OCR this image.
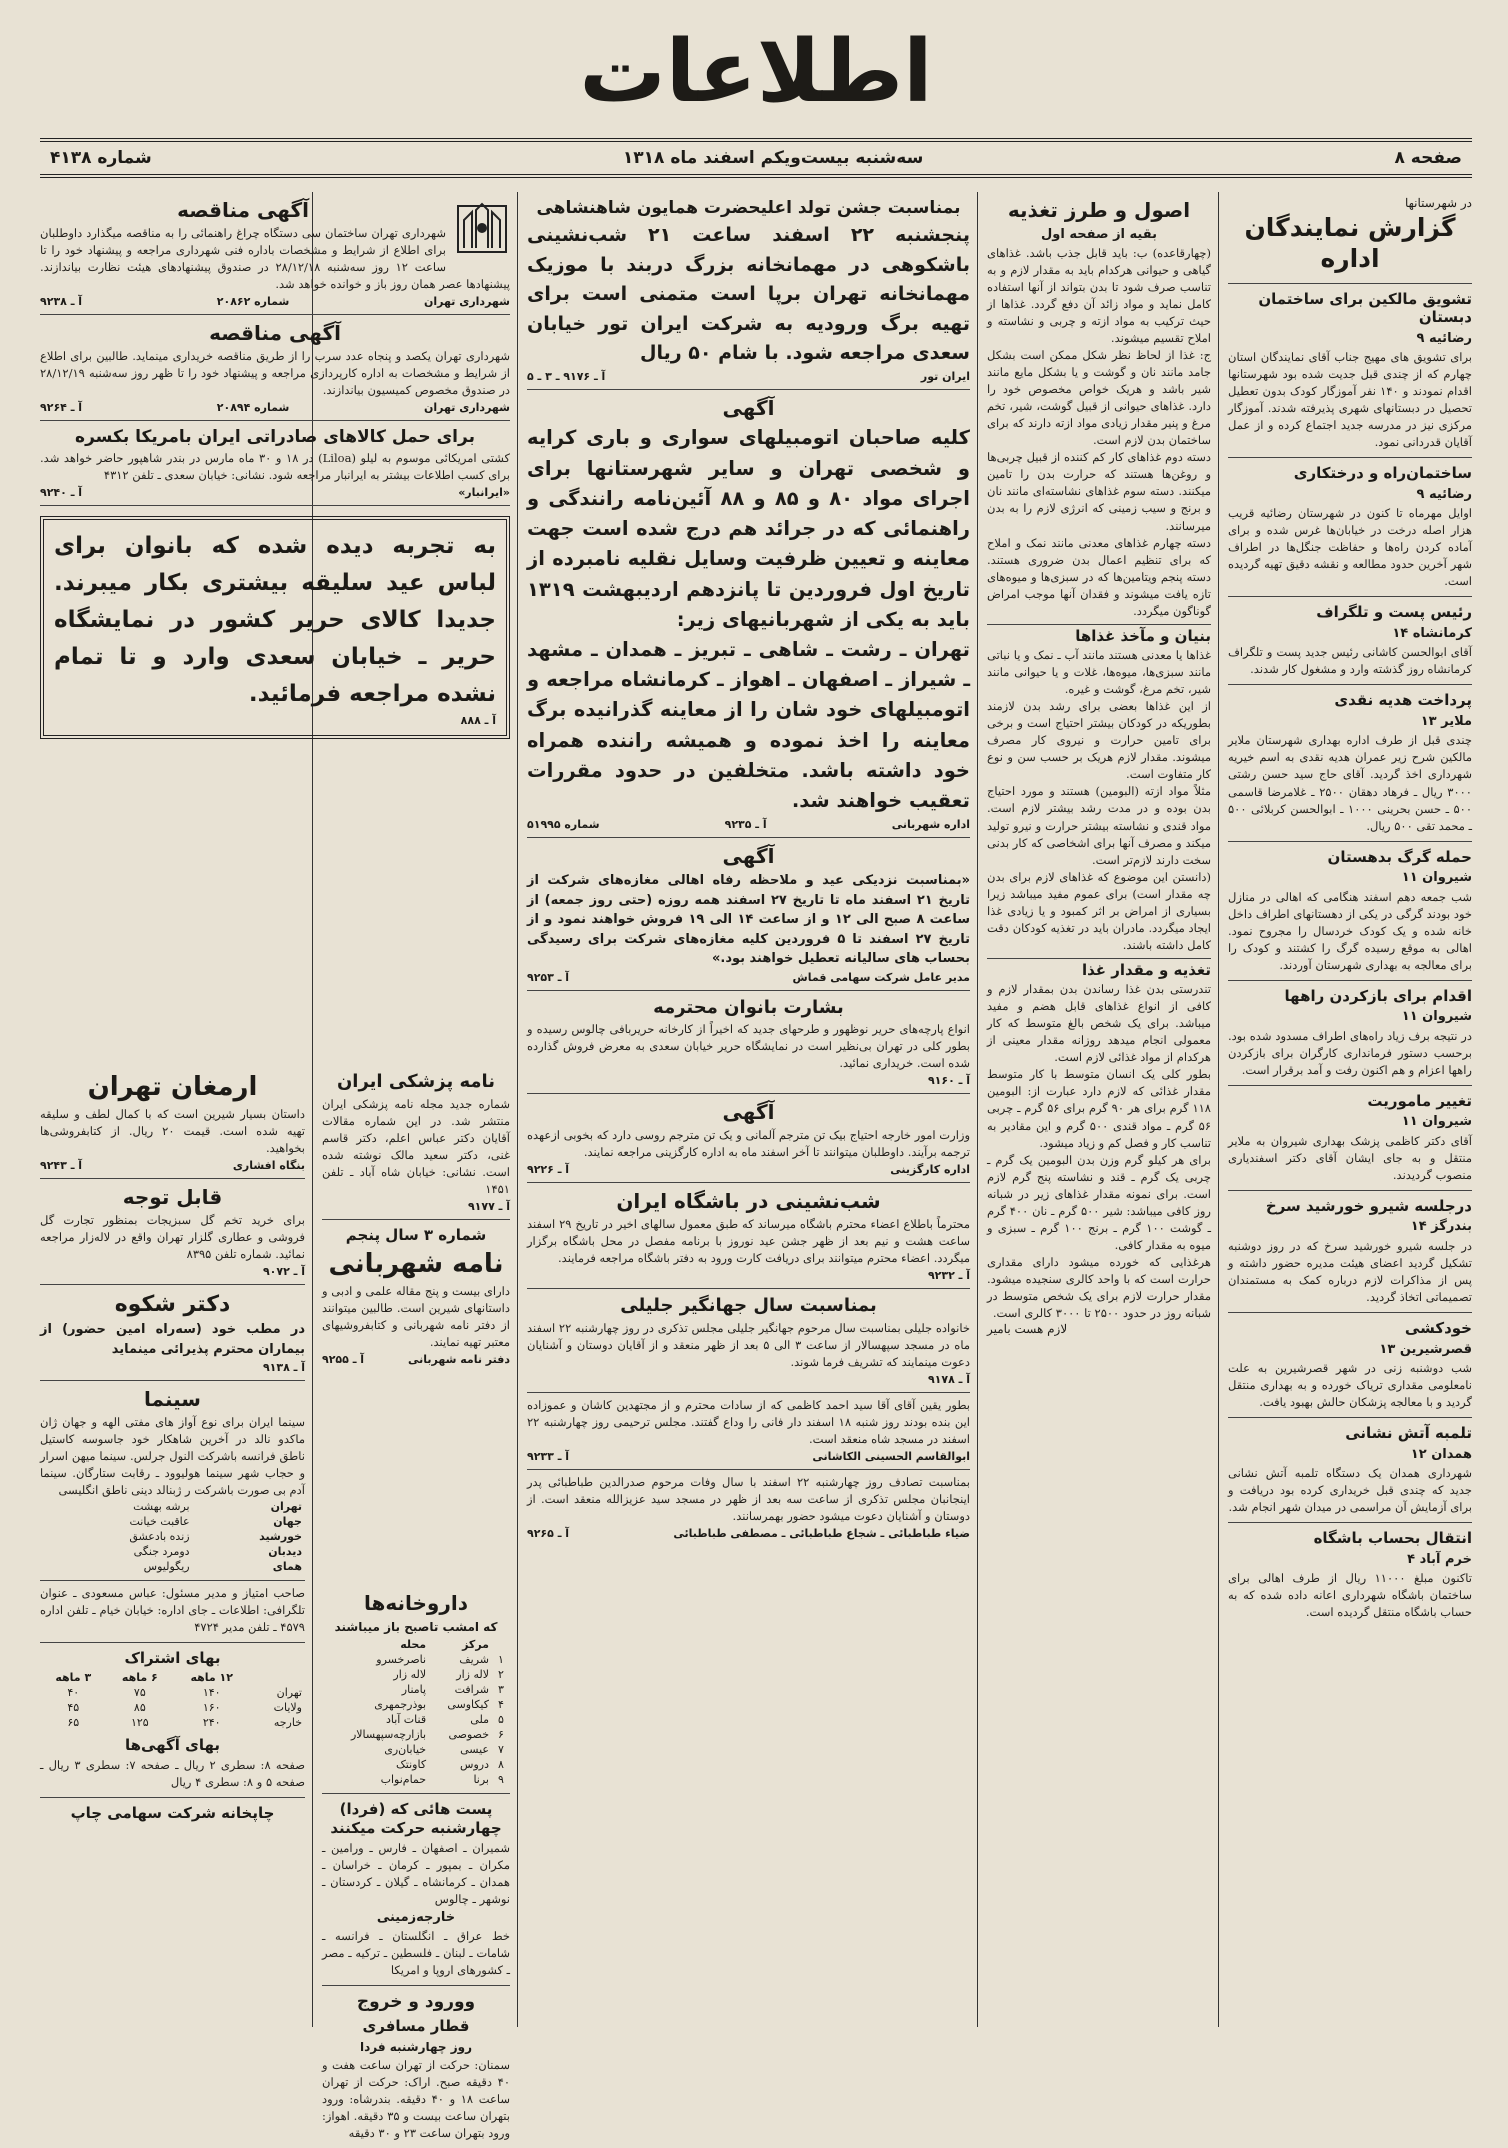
اطلاعات
صفحه ۸
سه‌شنبه بیست‌ویکم اسفند ماه ۱۳۱۸
شماره ۴۱۳۸
در شهرستانها
گزارش نمایندگان اداره
تشویق مالکین برای ساختمان دبستان
رضائیه ۹
برای تشویق های مهیج جناب آقای نمایندگان استان چهارم که از چندی قبل جدیت شده بود شهرستانها اقدام نمودند و ۱۴۰ نفر آموزگار کودک بدون تعطیل تحصیل در دبستانهای شهری پذیرفته شدند. آموزگار مرکزی نیز در مدرسه جدید اجتماع کرده و از عمل آقایان قدردانی نمود.
ساختمان‌راه و درختکاری
رضائیه ۹
اوایل مهرماه تا کنون در شهرستان رضائیه قریب هزار اصله درخت در خیابان‌ها غرس شده و برای آماده کردن راه‌ها و حفاظت جنگل‌ها در اطراف شهر آخرین حدود مطالعه و نقشه دقیق تهیه گردیده است.
رئیس پست و تلگراف
کرمانشاه ۱۴
آقای ابوالحسن کاشانی رئیس جدید پست و تلگراف کرمانشاه روز گذشته وارد و مشغول کار شدند.
پرداخت هدیه نقدی
ملایر ۱۳
چندی قبل از طرف اداره بهداری شهرستان ملایر مالکین شرح زیر عمران هدیه نقدی به اسم خیریه شهرداری اخذ گردید. آقای حاج سید حسن رشتی ۳۰۰۰ ریال ـ فرهاد دهقان ۲۵۰۰ ـ غلامرضا قاسمی ۵۰۰ ـ حسن بحرینی ۱۰۰۰ ـ ابوالحسن کربلائی ۵۰۰ ـ محمد تقی ۵۰۰ ریال.
حمله گرگ بدهستان
شیروان ۱۱
شب جمعه دهم اسفند هنگامی که اهالی در منازل خود بودند گرگی در یکی از دهستانهای اطراف داخل خانه شده و یک کودک خردسال را مجروح نمود. اهالی به موقع رسیده گرگ را کشتند و کودک را برای معالجه به بهداری شهرستان آوردند.
اقدام برای بازکردن راهها
شیروان ۱۱
در نتیجه برف زیاد راه‌های اطراف مسدود شده بود. برحسب دستور فرمانداری کارگران برای بازکردن راهها اعزام و هم اکنون رفت و آمد برقرار است.
تغییر ماموریت
شیروان ۱۱
آقای دکتر کاظمی پزشک بهداری شیروان به ملایر منتقل و به جای ایشان آقای دکتر اسفندیاری منصوب گردیدند.
درجلسه شیرو خورشید سرخ
بندرگز ۱۴
در جلسه شیرو خورشید سرخ که در روز دوشنبه تشکیل گردید اعضای هیئت مدیره حضور داشته و پس از مذاکرات لازم درباره کمک به مستمندان تصمیماتی اتخاذ گردید.
خودکشی
قصرشیرین ۱۳
شب دوشنبه زنی در شهر قصرشیرین به علت نامعلومی مقداری تریاک خورده و به بهداری منتقل گردید و با معالجه پزشکان حالش بهبود یافت.
تلمبه آتش نشانی
همدان ۱۲
شهرداری همدان یک دستگاه تلمبه آتش نشانی جدید که چندی قبل خریداری کرده بود دریافت و برای آزمایش آن مراسمی در میدان شهر انجام شد.
انتقال بحساب باشگاه
خرم آباد ۴
تاکنون مبلغ ۱۱۰۰۰ ریال از طرف اهالی برای ساختمان باشگاه شهرداری اعانه داده شده که به حساب باشگاه منتقل گردیده است.
اصول و طرز تغذیه
بقیه از صفحه اول

(چهارقاعده) ب: باید قابل جذب باشد. غذاهای گیاهی و حیوانی هرکدام باید به مقدار لازم و به تناسب صرف شود تا بدن بتواند از آنها استفاده کامل نماید و مواد زائد آن دفع گردد. غذاها از حیث ترکیب به مواد ازته و چربی و نشاسته و املاح تقسیم میشوند.

ج: غذا از لحاظ نظر شکل ممکن است بشکل جامد مانند نان و گوشت و یا بشکل مایع مانند شیر باشد و هریک خواص مخصوص خود را دارد. غذاهای حیوانی از قبیل گوشت، شیر، تخم مرغ و پنیر مقدار زیادی مواد ازته دارند که برای ساختمان بدن لازم است.

دسته دوم غذاهای کار کم کننده از قبیل چربی‌ها و روغن‌ها هستند که حرارت بدن را تامین میکنند. دسته سوم غذاهای نشاسته‌ای مانند نان و برنج و سیب زمینی که انرژی لازم را به بدن میرسانند.

دسته چهارم غذاهای معدنی مانند نمک و املاح که برای تنظیم اعمال بدن ضروری هستند. دسته پنجم ویتامین‌ها که در سبزی‌ها و میوه‌های تازه یافت میشوند و فقدان آنها موجب امراض گوناگون میگردد.

بنیان و مآخذ غذاها

غذاها یا معدنی هستند مانند آب ـ نمک و یا نباتی مانند سبزی‌ها، میوه‌ها، غلات و یا حیوانی مانند شیر، تخم مرغ، گوشت و غیره.

از این غذاها بعضی برای رشد بدن لازمند بطوریکه در کودکان بیشتر احتیاج است و برخی برای تامین حرارت و نیروی کار مصرف میشوند. مقدار لازم هریک بر حسب سن و نوع کار متفاوت است.

مثلاً مواد ازته (البومین) هستند و مورد احتیاج بدن بوده و در مدت رشد بیشتر لازم است. مواد قندی و نشاسته بیشتر حرارت و نیرو تولید میکند و مصرف آنها برای اشخاصی که کار بدنی سخت دارند لازم‌تر است.

(دانستن این موضوع که غذاهای لازم برای بدن چه مقدار است) برای عموم مفید میباشد زیرا بسیاری از امراض بر اثر کمبود و یا زیادی غذا ایجاد میگردد. مادران باید در تغذیه کودکان دقت کامل داشته باشند.

تغذیه و مقدار غذا

تندرستی بدن غذا رساندن بدن بمقدار لازم و کافی از انواع غذاهای قابل هضم و مفید میباشد. برای یک شخص بالغ متوسط که کار معمولی انجام میدهد روزانه مقدار معینی از هرکدام از مواد غذائی لازم است.

بطور کلی یک انسان متوسط با کار متوسط مقدار غذائی که لازم دارد عبارت از: البومین ۱۱۸ گرم برای هر ۹۰ گرم برای ۵۶ گرم ـ چربی ۵۶ گرم ـ مواد قندی ۵۰۰ گرم و این مقادیر به تناسب کار و فصل کم و زیاد میشود.

برای هر کیلو گرم وزن بدن البومین یک گرم ـ چربی یک گرم ـ قند و نشاسته پنج گرم لازم است. برای نمونه مقدار غذاهای زیر در شبانه روز کافی میباشد: شیر ۵۰۰ گرم ـ نان ۴۰۰ گرم ـ گوشت ۱۰۰ گرم ـ برنج ۱۰۰ گرم ـ سبزی و میوه به مقدار کافی.

هرغذایی که خورده میشود دارای مقداری حرارت است که با واحد کالری سنجیده میشود. مقدار حرارت لازم برای یک شخص متوسط در شبانه روز در حدود ۲۵۰۰ تا ۳۰۰۰ کالری است.

لازم هست بامیر
بمناسبت جشن تولد اعلیحضرت همایون شاهنشاهی
پنجشنبه ۲۲ اسفند ساعت ۲۱ شب‌نشینی باشکوهی در مهمانخانه بزرگ دربند با موزیک مهمانخانه تهران برپا است متمنی است برای تهیه برگ ورودیه به شرکت ایران تور خیابان سعدی مراجعه شود. با شام ۵۰ ریال
ایران تور
آ ـ ۹۱۷۶ ـ ۳ ـ ۵
آگهی
کلیه صاحبان اتومبیلهای سواری و باری کرایه و شخصی تهران و سایر شهرستانها برای اجرای مواد ۸۰ و ۸۵ و ۸۸ آئین‌نامه رانندگی و راهنمائی که در جرائد هم درج شده است جهت معاینه و تعیین ظرفیت وسایل نقلیه نامبرده از تاریخ اول فروردین تا پانزدهم اردیبهشت ۱۳۱۹ باید به یکی از شهربانیهای زیر:
تهران ـ رشت ـ شاهی ـ تبریز ـ همدان ـ مشهد ـ شیراز ـ اصفهان ـ اهواز ـ کرمانشاه مراجعه و اتومبیلهای خود شان را از معاینه گذرانیده برگ معاینه را اخذ نموده و همیشه راننده همراه خود داشته باشد. متخلفین در حدود مقررات تعقیب خواهند شد.
اداره شهربانی
آ ـ ۹۲۳۵
شماره ۵۱۹۹۵
آگهی
«بمناسبت نزدیکی عید و ملاحظه رفاه اهالی مغازه‌های شرکت از تاریخ ۲۱ اسفند ماه تا تاریخ ۲۷ اسفند همه روزه (حتی روز جمعه) از ساعت ۸ صبح الی ۱۲ و از ساعت ۱۴ الی ۱۹ فروش خواهند نمود و از تاریخ ۲۷ اسفند تا ۵ فروردین کلیه مغازه‌های شرکت برای رسیدگی بحساب های سالیانه تعطیل خواهند بود.»
مدیر عامل شرکت سهامی قماش
آ ـ ۹۲۵۳
بشارت بانوان محترمه
انواع پارچه‌های حریر نوظهور و طرحهای جدید که اخیراً از کارخانه حریربافی چالوس رسیده و بطور کلی در تهران بی‌نظیر است در نمایشگاه حریر خیابان سعدی به معرض فروش گذارده شده است. خریداری نمائید.
آ ـ ۹۱۶۰
آگهی
وزارت امور خارجه احتیاج بیک تن مترجم آلمانی و یک تن مترجم روسی دارد که بخوبی ازعهده ترجمه برآیند. داوطلبان میتوانند تا آخر اسفند ماه به اداره کارگزینی مراجعه نمایند.
اداره کارگزینی
آ ـ ۹۲۲۶
شب‌نشینی در باشگاه ایران
محترماً باطلاع اعضاء محترم باشگاه میرساند که طبق معمول سالهای اخیر در تاریخ ۲۹ اسفند ساعت هشت و نیم بعد از ظهر جشن عید نوروز با برنامه مفصل در محل باشگاه برگزار میگردد. اعضاء محترم میتوانند برای دریافت کارت ورود به دفتر باشگاه مراجعه فرمایند.
آ ـ ۹۲۳۲
بمناسبت سال جهانگیر جلیلی
خانواده جلیلی بمناسبت سال مرحوم جهانگیر جلیلی مجلس تذکری در روز چهارشنبه ۲۲ اسفند ماه در مسجد سپهسالار از ساعت ۳ الی ۵ بعد از ظهر منعقد و از آقایان دوستان و آشنایان دعوت مینمایند که تشریف فرما شوند.
آ ـ ۹۱۷۸
بطور یقین آقای آقا سید احمد کاظمی که از سادات محترم و از مجتهدین کاشان و عموزاده این بنده بودند روز شنبه ۱۸ اسفند دار فانی را وداع گفتند. مجلس ترحیمی روز چهارشنبه ۲۲ اسفند در مسجد شاه منعقد است.
ابوالقاسم الحسینی الکاشانی
آ ـ ۹۲۳۳
بمناسبت تصادف روز چهارشنبه ۲۲ اسفند با سال وفات مرحوم صدرالدین طباطبائی پدر اینجانبان مجلس تذکری از ساعت سه بعد از ظهر در مسجد سید عزیزالله منعقد است. از دوستان و آشنایان دعوت میشود حضور بهمرسانند.
ضیاء طباطبائی ـ شجاع طباطبائی ـ مصطفی طباطبائی
آ ـ ۹۲۶۵
آگهی مناقصه
شهرداری تهران ساختمان سی دستگاه چراغ راهنمائی را به مناقصه میگذارد داوطلبان برای اطلاع از شرایط و مشخصات باداره فنی شهرداری مراجعه و پیشنهاد خود را تا ساعت ۱۲ روز سه‌شنبه ۲۸/۱۲/۱۸ در صندوق پیشنهادهای هیئت نظارت بیاندازند. پیشنهادها عصر همان روز باز و خوانده خواهد شد.
شهرداری تهران
شماره ۲۰۸۶۲
آ ـ ۹۲۳۸
آگهی مناقصه
شهرداری تهران یکصد و پنجاه عدد سرب را از طریق مناقصه خریداری مینماید. طالبین برای اطلاع از شرایط و مشخصات به اداره کارپردازی مراجعه و پیشنهاد خود را تا ظهر روز سه‌شنبه ۲۸/۱۲/۱۹ در صندوق مخصوص کمیسیون بیاندازند.
شهرداری تهران
شماره ۲۰۸۹۴
آ ـ ۹۲۶۴
برای حمل کالاهای صادراتی ایران بامریکا بکسره
کشتی امریکائی موسوم به لیلو (Liloa) در ۱۸ و ۳۰ ماه مارس در بندر شاهپور حاضر خواهد شد. برای کسب اطلاعات بیشتر به ایرانبار مراجعه شود. نشانی: خیابان سعدی ـ تلفن ۴۳۱۲
«ایرانبار»
آ ـ ۹۲۴۰
به تجربه دیده شده که بانوان برای لباس عید سلیقه بیشتری بکار میبرند. جدیدا کالای حریر کشور در نمایشگاه حریر ـ خیابان سعدی وارد و تا تمام نشده مراجعه فرمائید.
آ ـ ۸۸۸
نامه پزشکی ایران
شماره جدید مجله نامه پزشکی ایران منتشر شد. در این شماره مقالات آقایان دکتر عباس اعلم، دکتر قاسم غنی، دکتر سعید مالک نوشته شده است. نشانی: خیابان شاه آباد ـ تلفن ۱۴۵۱
آ ـ ۹۱۷۷
شماره ۳ سال پنجم
نامه شهربانی
دارای بیست و پنج مقاله علمی و ادبی و داستانهای شیرین است. طالبین میتوانند از دفتر نامه شهربانی و کتابفروشیهای معتبر تهیه نمایند.
دفتر نامه شهربانی
آ ـ ۹۲۵۵
ارمغان تهران
داستان بسیار شیرین است که با کمال لطف و سلیقه تهیه شده است. قیمت ۲۰ ریال. از کتابفروشی‌ها بخواهید.
بنگاه افشاری
آ ـ ۹۲۴۳
قابل توجه
برای خرید تخم گل سبزیجات بمنظور تجارت گل فروشی و عطاری گلزار تهران واقع در لاله‌زار مراجعه نمائید. شماره تلفن ۸۳۹۵
آ ـ ۹۰۷۲
دکتر شکوه
در مطب خود (سه‌راه امین حضور) از بیماران محترم پذیرائی مینماید
آ ـ ۹۱۳۸
سینما
سینما ایران برای نوع آواز های مفتی الهه و جهان ژان ماکدو نالد در آخرین شاهکار خود جاسوسه کاستیل ناطق فرانسه باشرکت النول جرلس. سینما میهن اسرار و حجاب شهر سینما هولیوود ـ رقابت ستارگان. سینما آدم بی صورت باشرکت ر ژبنالد دینی ناطق انگلیسی
تهران	برشه بهشت
جهان	عاقبت خیانت
خورشید	زنده بادعشق
دیدبان	دومرد جنگی
همای	ریگولیوس
صاحب امتیاز و مدیر مسئول: عباس مسعودی ـ عنوان تلگرافی: اطلاعات ـ جای اداره: خیابان خیام ـ تلفن اداره ۴۵۷۹ ـ تلفن مدیر ۴۷۲۴
بهای اشتراک
	۱۲ ماهه	۶ ماهه	۳ ماهه
تهران	۱۴۰	۷۵	۴۰
ولایات	۱۶۰	۸۵	۴۵
خارجه	۲۴۰	۱۲۵	۶۵
بهای آگهی‌ها
صفحه ۸: سطری ۲ ریال ـ صفحه ۷: سطری ۳ ریال ـ صفحه ۵ و ۸: سطری ۴ ریال
چاپخانه شرکت سهامی چاپ
داروخانه‌ها
که امشب تاصبح باز میباشند
	مرکز	محله
۱	شریف	ناصرخسرو
۲	لاله زار	لاله زار
۳	شرافت	پامنار
۴	کیکاوسی	بوذرجمهری
۵	ملی	قنات آباد
۶	خصوصی	بازارچه‌سپهسالار
۷	عیسی	خیابان‌ری
۸	دروس	کاونتک
۹	برنا	حمام‌نواب
پست هائی که (فردا) چهارشنبه حرکت میکنند
شمیران ـ اصفهان ـ فارس ـ ورامین ـ مکران ـ بمپور ـ کرمان ـ خراسان ـ همدان ـ کرمانشاه ـ گیلان ـ کردستان ـ نوشهر ـ چالوس
خارجه‌زمینی
خط عراق ـ انگلستان ـ فرانسه ـ شامات ـ لبنان ـ فلسطین ـ ترکیه ـ مصر ـ کشورهای اروپا و امریکا
وورود و خروج
قطار مسافری
روز چهارشنبه فردا
سمنان: حرکت از تهران ساعت هفت و ۴۰ دقیقه صبح. اراک: حرکت از تهران ساعت ۱۸ و ۴۰ دقیقه. بندرشاه: ورود بتهران ساعت بیست و ۳۵ دقیقه. اهواز: ورود بتهران ساعت ۲۳ و ۳۰ دقیقه
